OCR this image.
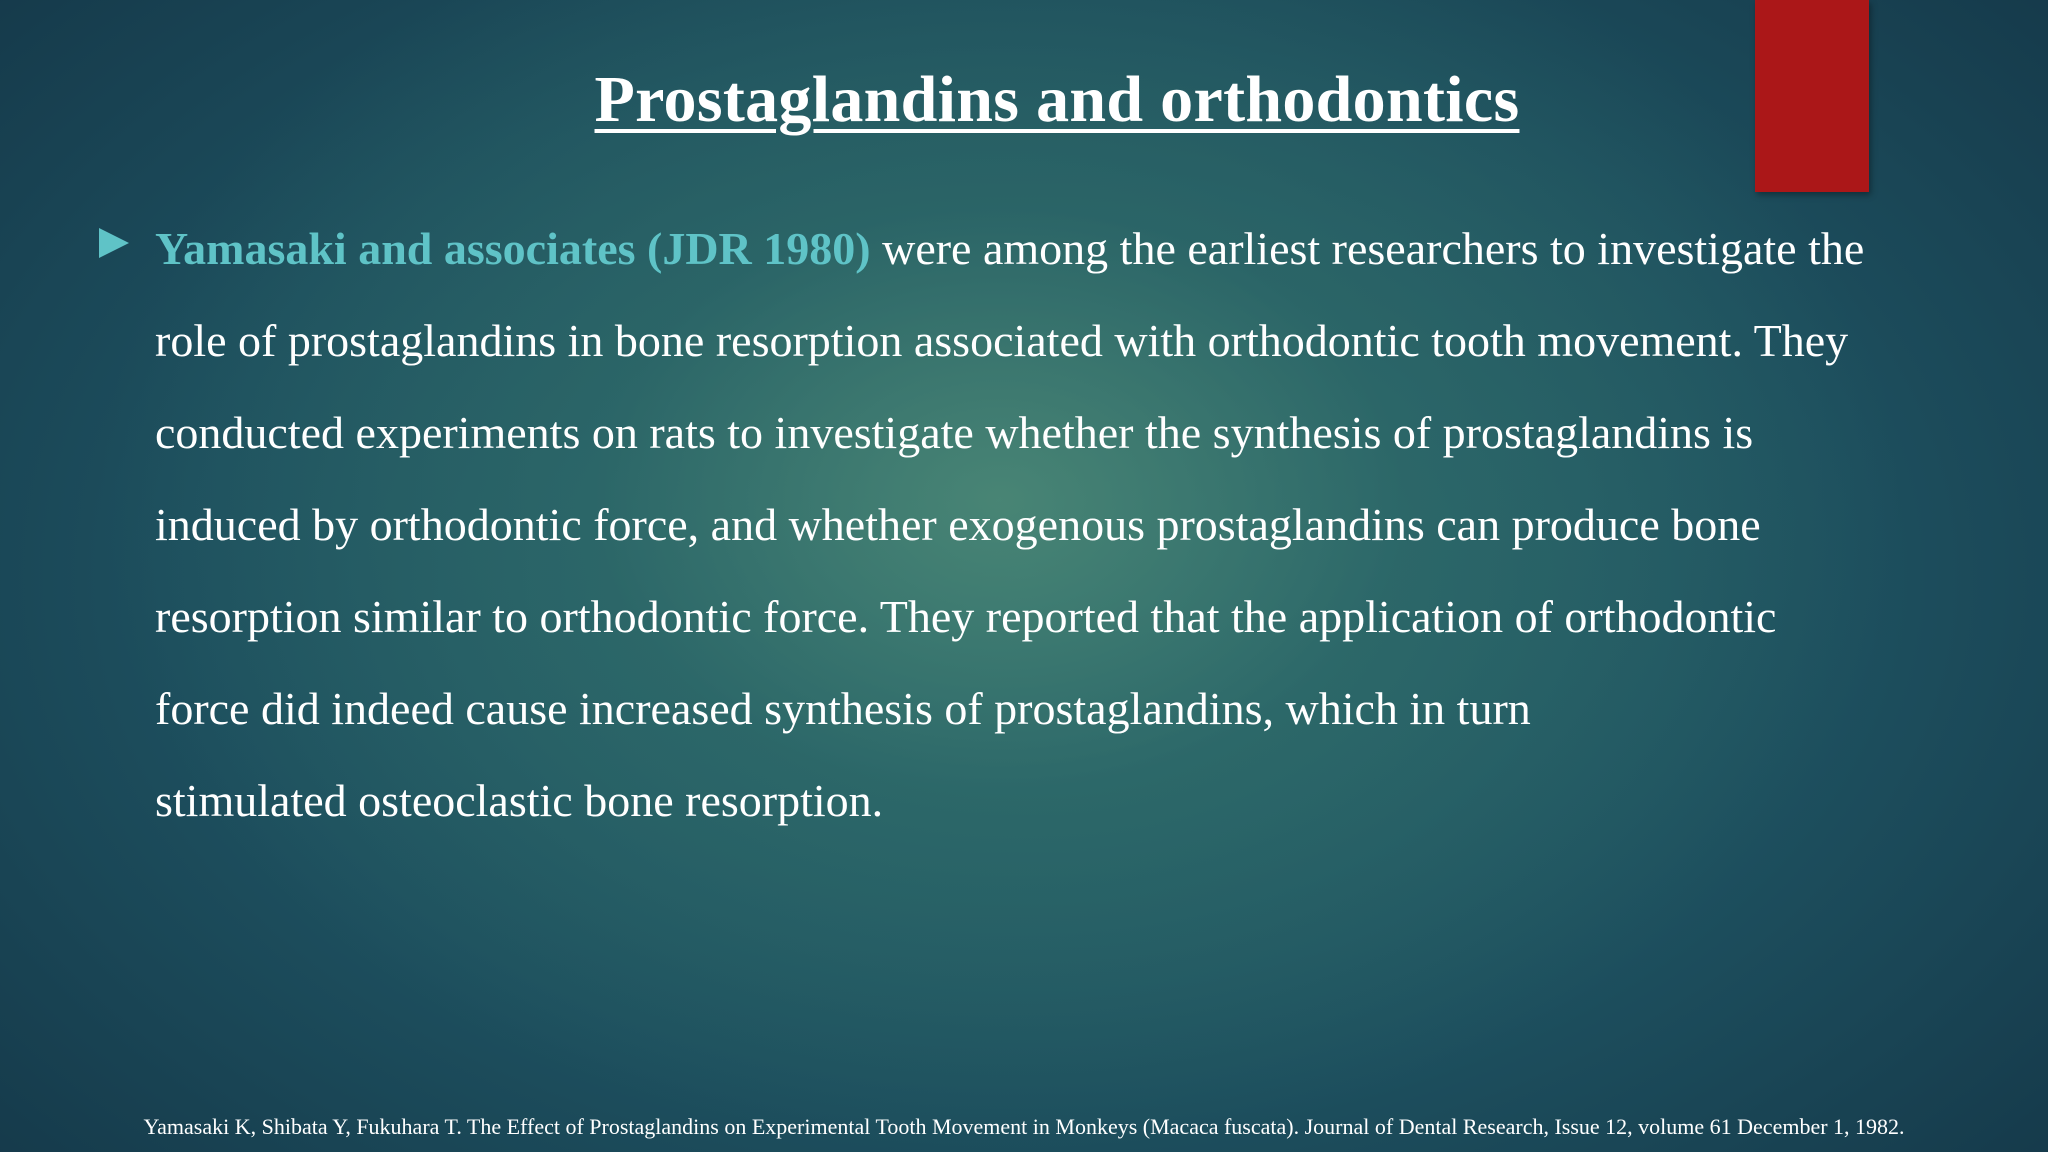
Prostaglandins and orthodontics
Yamasaki and associates (JDR 1980) were among the earliest researchers to investigate the
role of prostaglandins in bone resorption associated with orthodontic tooth movement. They
conducted experiments on rats to investigate whether the synthesis of prostaglandins is
induced by orthodontic force, and whether exogenous prostaglandins can produce bone
resorption similar to orthodontic force. They reported that the application of orthodontic
force did indeed cause increased synthesis of prostaglandins, which in turn
stimulated osteoclastic bone resorption.
Yamasaki K, Shibata Y, Fukuhara T. The Effect of Prostaglandins on Experimental Tooth Movement in Monkeys (Macaca fuscata). Journal of Dental Research, Issue 12, volume 61 December 1, 1982.
